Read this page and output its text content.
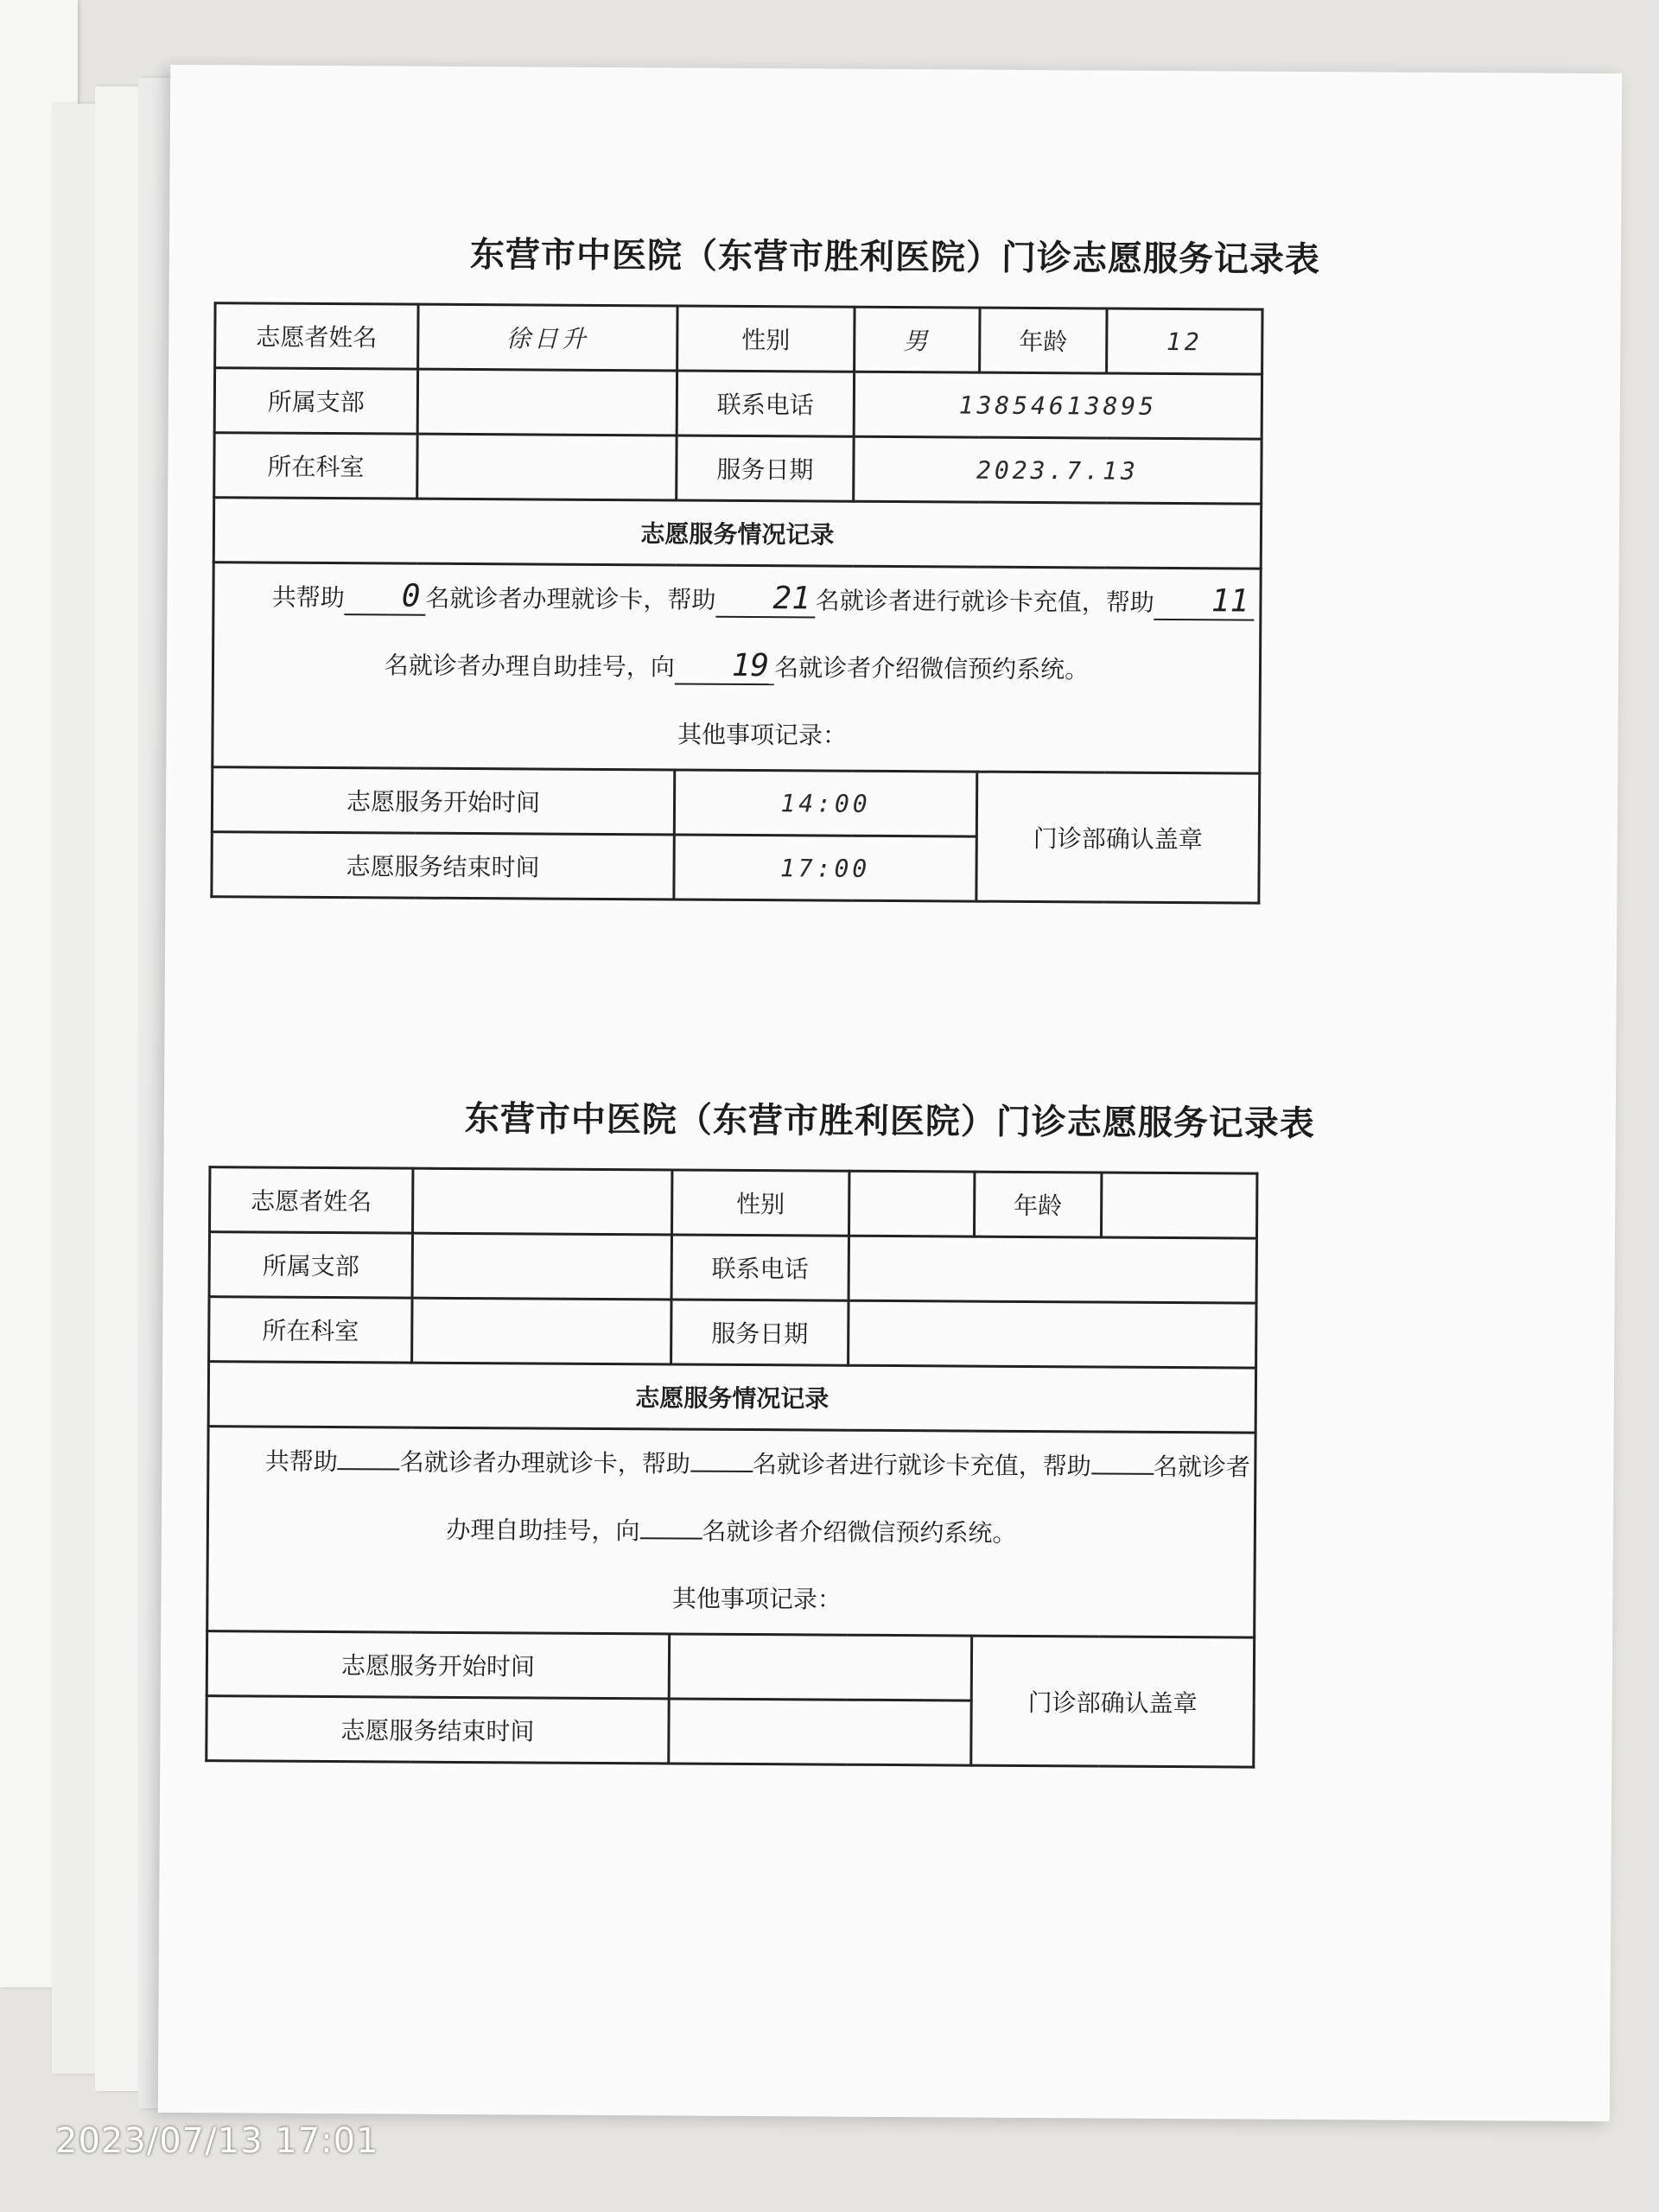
东营市中医院（东营市胜利医院）门诊志愿服务记录表
志愿者姓名	徐日升	性别	男	年龄	12
所属支部		联系电话	13854613895		
所在科室		服务日期	2023.7.13		
志愿服务情况记录					

共帮助 0 名就诊者办理就诊卡，帮助 21 名就诊者进行就诊卡充值，帮助 11名就诊者办理自助挂号，向 19 名就诊者介绍微信预约系统。

其他事项记录：					

志愿服务开始时间		14:00		门诊部确认盖章	
志愿服务结束时间		17:00			
东营市中医院（东营市胜利医院）门诊志愿服务记录表
志愿者姓名		性别		年龄	
所属支部		联系电话			
所在科室		服务日期			
志愿服务情况记录					

共帮助 名就诊者办理就诊卡，帮助 名就诊者进行就诊卡充值，帮助 名就诊者办理自助挂号，向 名就诊者介绍微信预约系统。

其他事项记录：					

志愿服务开始时间				门诊部确认盖章	
志愿服务结束时间					
2023/07/13 17:01
